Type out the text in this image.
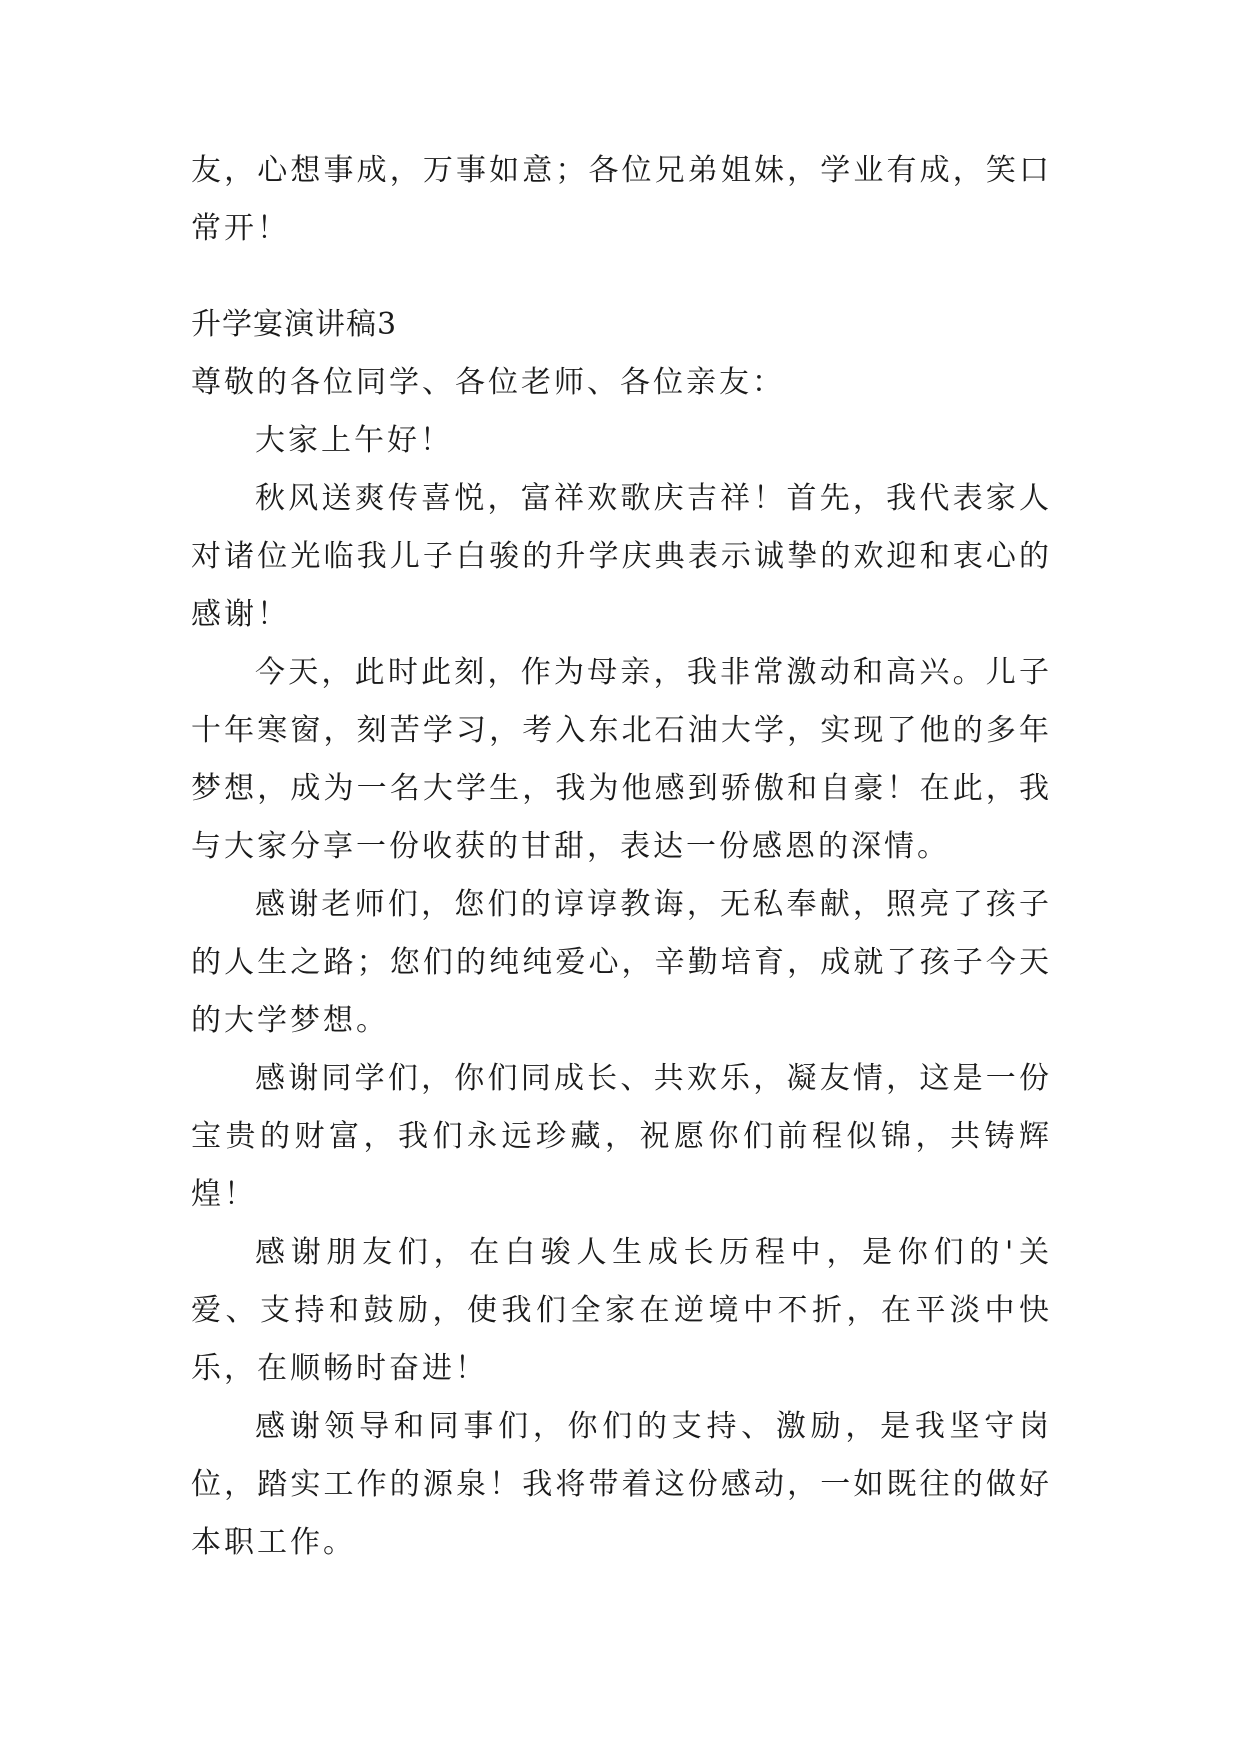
友，心想事成，万事如意；各位兄弟姐妹，学业有成，笑口常开！

升学宴演讲稿3

尊敬的各位同学、各位老师、各位亲友：

大家上午好！

秋风送爽传喜悦，富祥欢歌庆吉祥！首先，我代表家人对诸位光临我儿子白骏的升学庆典表示诚挚的欢迎和衷心的感谢！

今天，此时此刻，作为母亲，我非常激动和高兴。儿子十年寒窗，刻苦学习，考入东北石油大学，实现了他的多年梦想，成为一名大学生，我为他感到骄傲和自豪！在此，我与大家分享一份收获的甘甜，表达一份感恩的深情。

感谢老师们，您们的谆谆教诲，无私奉献，照亮了孩子的人生之路；您们的纯纯爱心，辛勤培育，成就了孩子今天的大学梦想。

感谢同学们，你们同成长、共欢乐，凝友情，这是一份宝贵的财富，我们永远珍藏，祝愿你们前程似锦，共铸辉煌！

感谢朋友们，在白骏人生成长历程中，是你们的'关爱、支持和鼓励，使我们全家在逆境中不折，在平淡中快乐，在顺畅时奋进！

感谢领导和同事们，你们的支持、激励，是我坚守岗位，踏实工作的源泉！我将带着这份感动，一如既往的做好本职工作。
